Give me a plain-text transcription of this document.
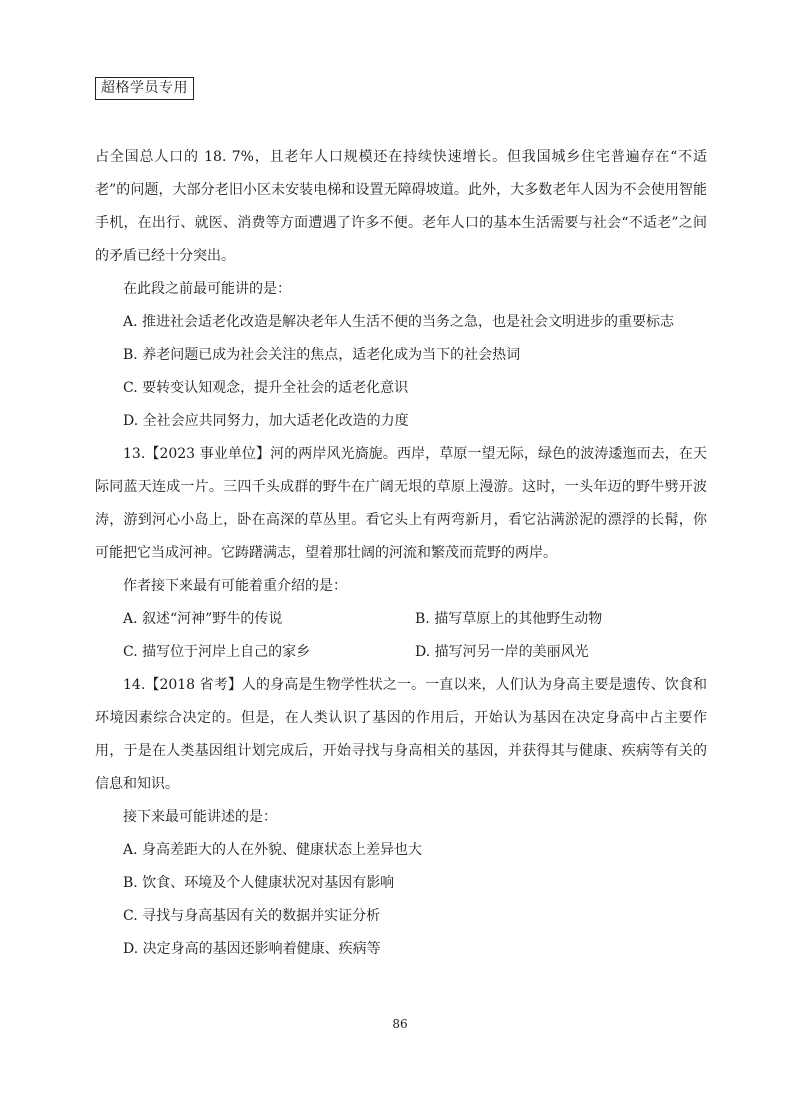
超格学员专用

占全国总人口的 18. 7%，且老年人口规模还在持续快速增长。但我国城乡住宅普遍存在“不适老”的问题，大部分老旧小区未安装电梯和设置无障碍坡道。此外，大多数老年人因为不会使用智能手机，在出行、就医、消费等方面遭遇了许多不便。老年人口的基本生活需要与社会“不适老”之间的矛盾已经十分突出。

在此段之前最可能讲的是：

A. 推进社会适老化改造是解决老年人生活不便的当务之急，也是社会文明进步的重要标志

B. 养老问题已成为社会关注的焦点，适老化成为当下的社会热词

C. 要转变认知观念，提升全社会的适老化意识

D. 全社会应共同努力，加大适老化改造的力度

13.【2023 事业单位】河的两岸风光旖旎。西岸，草原一望无际，绿色的波涛逶迤而去，在天际同蓝天连成一片。三四千头成群的野牛在广阔无垠的草原上漫游。这时，一头年迈的野牛劈开波涛，游到河心小岛上，卧在高深的草丛里。看它头上有两弯新月，看它沾满淤泥的漂浮的长髯，你可能把它当成河神。它踌躇满志，望着那壮阔的河流和繁茂而荒野的两岸。

作者接下来最有可能着重介绍的是：

A. 叙述“河神”野牛的传说	B. 描写草原上的其他野生动物
C. 描写位于河岸上自己的家乡	D. 描写河另一岸的美丽风光

14.【2018 省考】人的身高是生物学性状之一。一直以来，人们认为身高主要是遗传、饮食和环境因素综合决定的。但是，在人类认识了基因的作用后，开始认为基因在决定身高中占主要作用，于是在人类基因组计划完成后，开始寻找与身高相关的基因，并获得其与健康、疾病等有关的信息和知识。

接下来最可能讲述的是：

A. 身高差距大的人在外貌、健康状态上差异也大

B. 饮食、环境及个人健康状况对基因有影响

C. 寻找与身高基因有关的数据并实证分析

D. 决定身高的基因还影响着健康、疾病等

86
